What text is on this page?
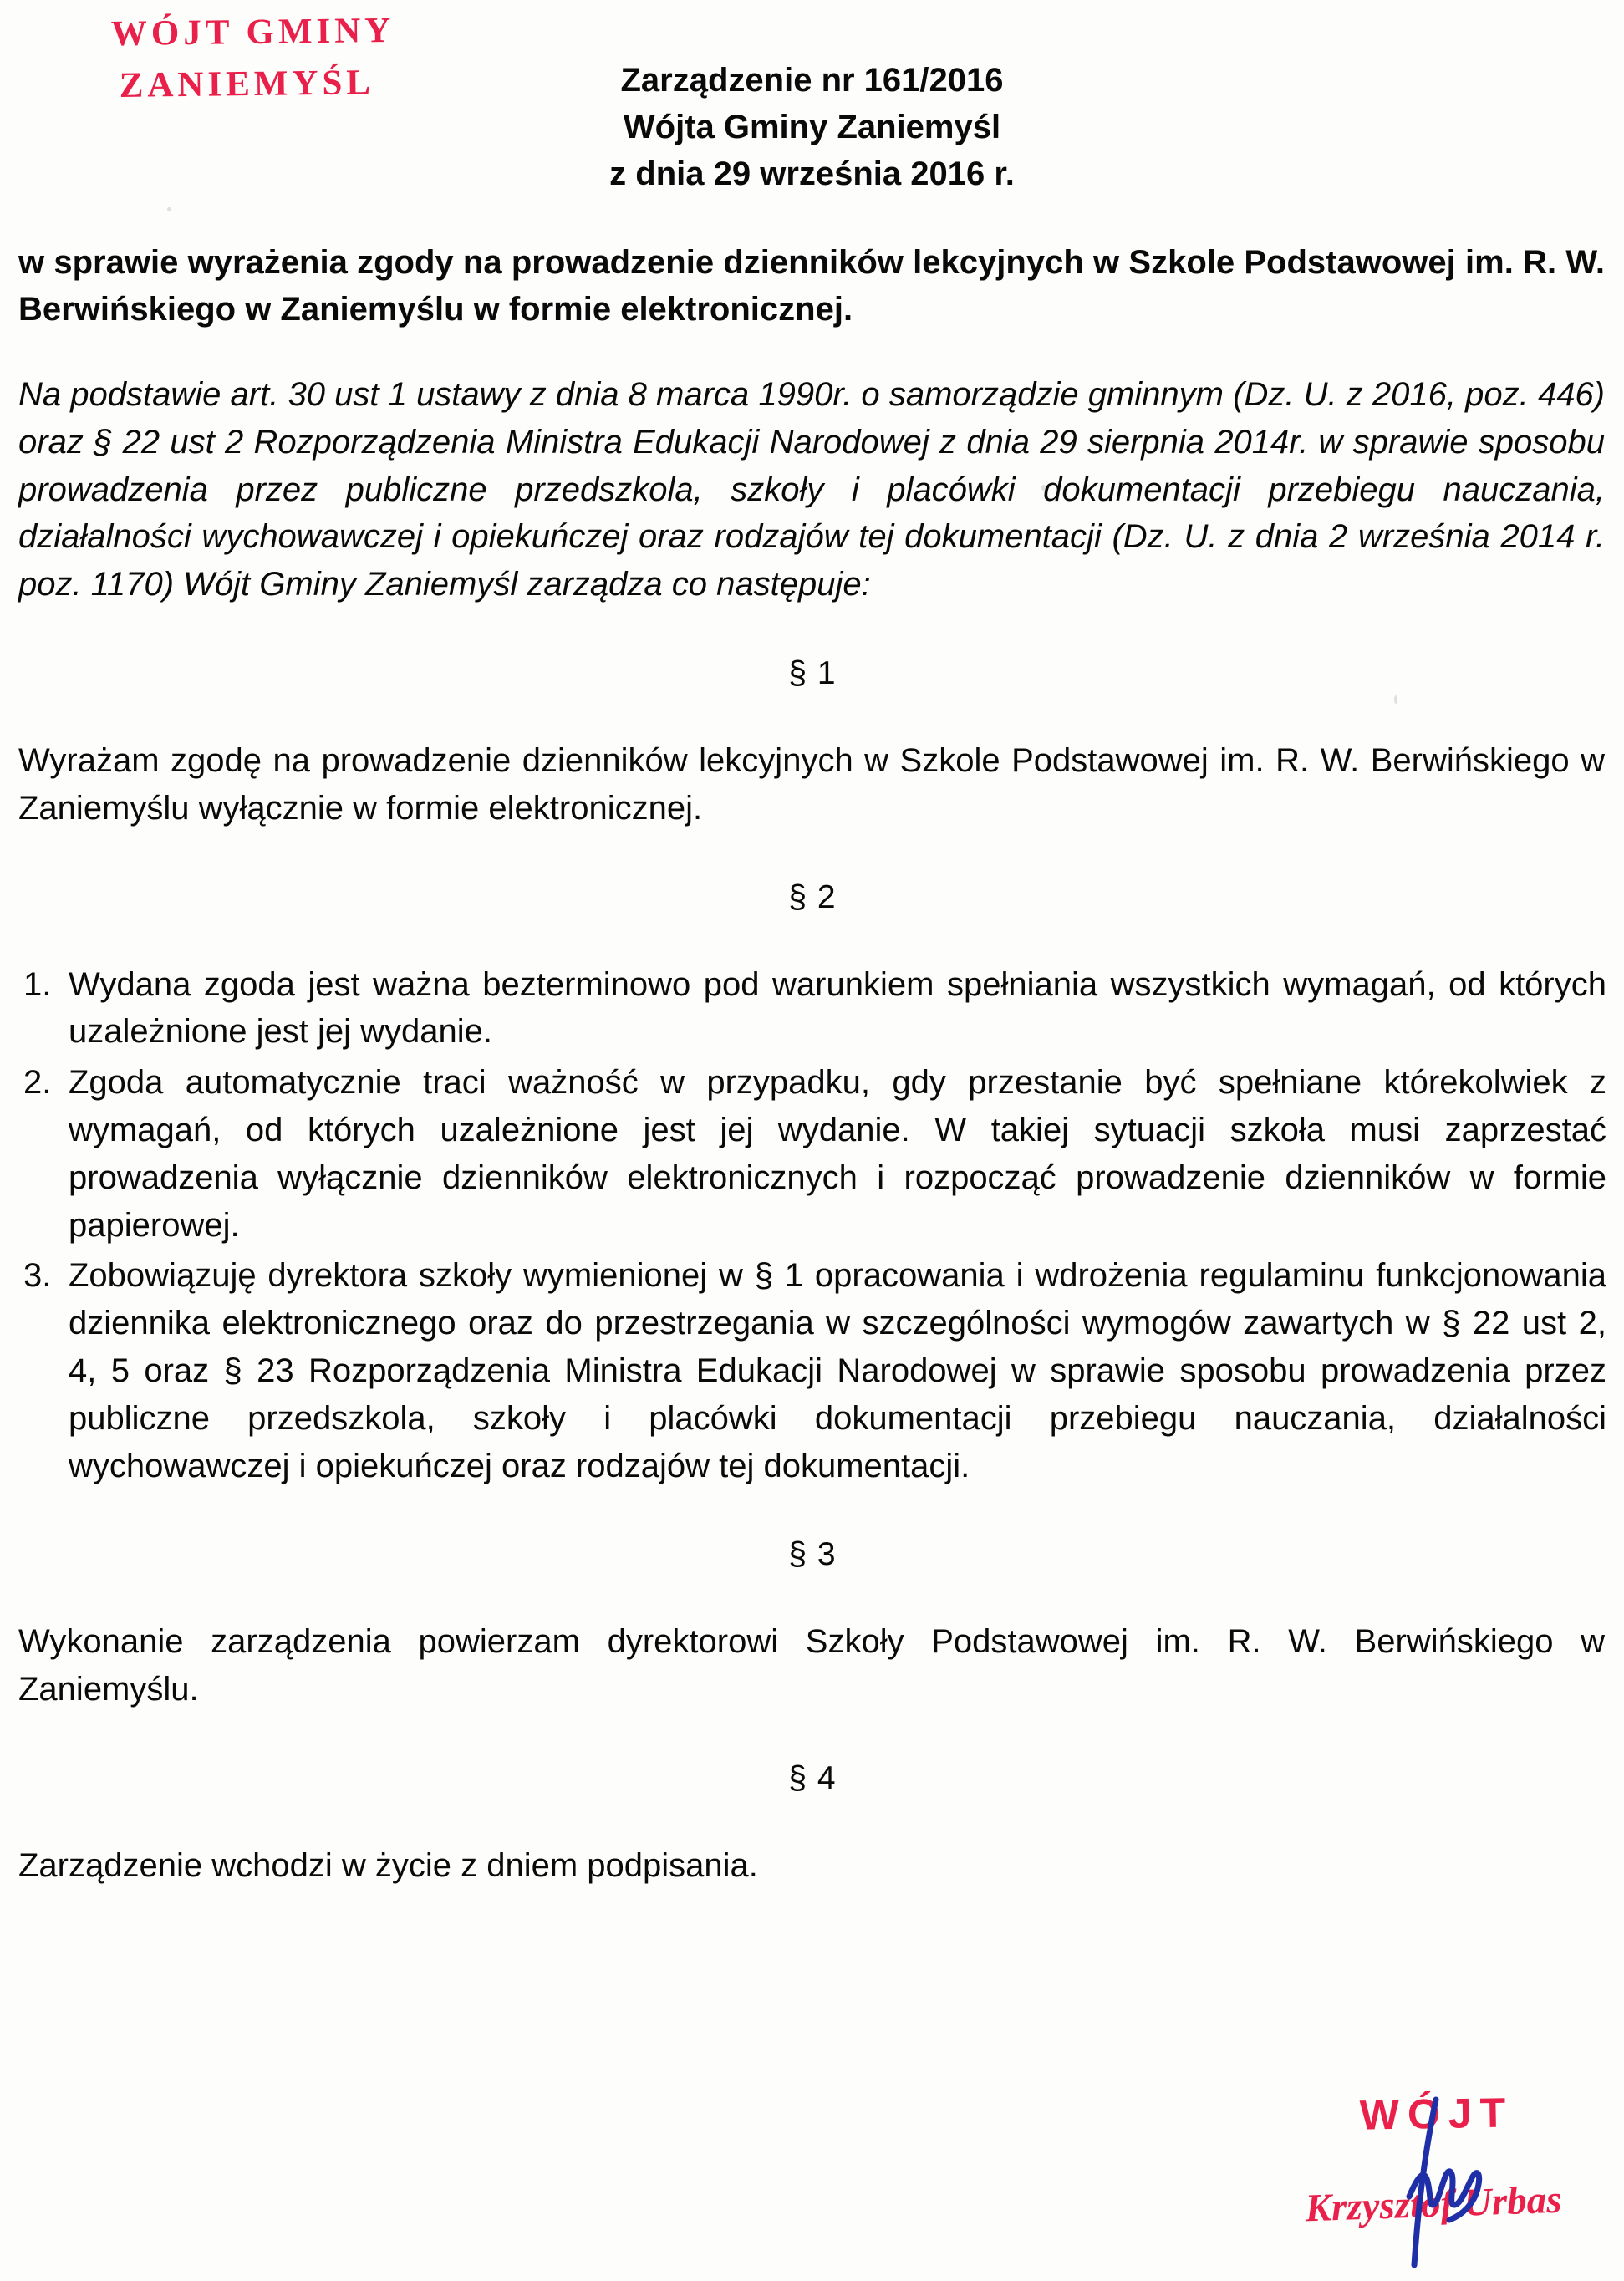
WÓJT GMINY
ZANIEMYŚL	Zarządzenie nr 161/2016
Wójta Gminy Zaniemyśl
z dnia 29 września 2016 r.

w sprawie wyrażenia zgody na prowadzenie dzienników lekcyjnych w Szkole Podstawowej im. R. W. Berwińskiego w Zaniemyślu w formie elektronicznej.

Na podstawie art. 30 ust 1 ustawy z dnia 8 marca 1990r. o samorządzie gminnym (Dz. U. z 2016, poz. 446) oraz § 22 ust 2 Rozporządzenia Ministra Edukacji Narodowej z dnia 29 sierpnia 2014r. w sprawie sposobu prowadzenia przez publiczne przedszkola, szkoły i placówki dokumentacji przebiegu nauczania, działalności wychowawczej i opiekuńczej oraz rodzajów tej dokumentacji (Dz. U. z dnia 2 września 2014 r. poz. 1170) Wójt Gminy Zaniemyśl zarządza co następuje:

§ 1

Wyrażam zgodę na prowadzenie dzienników lekcyjnych w Szkole Podstawowej im. R. W. Berwińskiego w Zaniemyślu wyłącznie w formie elektronicznej.

§ 2
Wydana zgoda jest ważna bezterminowo pod warunkiem spełniania wszystkich wymagań, od których uzależnione jest jej wydanie.
Zgoda automatycznie traci ważność w przypadku, gdy przestanie być spełniane którekolwiek z wymagań, od których uzależnione jest jej wydanie. W takiej sytuacji szkoła musi zaprzestać prowadzenia wyłącznie dzienników elektronicznych i rozpocząć prowadzenie dzienników w formie papierowej.
Zobowiązuję dyrektora szkoły wymienionej w § 1 opracowania i wdrożenia regulaminu funkcjonowania dziennika elektronicznego oraz do przestrzegania w szczególności wymogów zawartych w § 22 ust 2, 4, 5 oraz § 23 Rozporządzenia Ministra Edukacji Narodowej w sprawie sposobu prowadzenia przez publiczne przedszkola, szkoły i placówki dokumentacji przebiegu nauczania, działalności wychowawczej i opiekuńczej oraz rodzajów tej dokumentacji.
§ 3

Wykonanie zarządzenia powierzam dyrektorowi Szkoły Podstawowej im. R. W. Berwińskiego w Zaniemyślu.

§ 4

Zarządzenie wchodzi w życie z dniem podpisania.

WÓJT
Krzysztof Urbas
